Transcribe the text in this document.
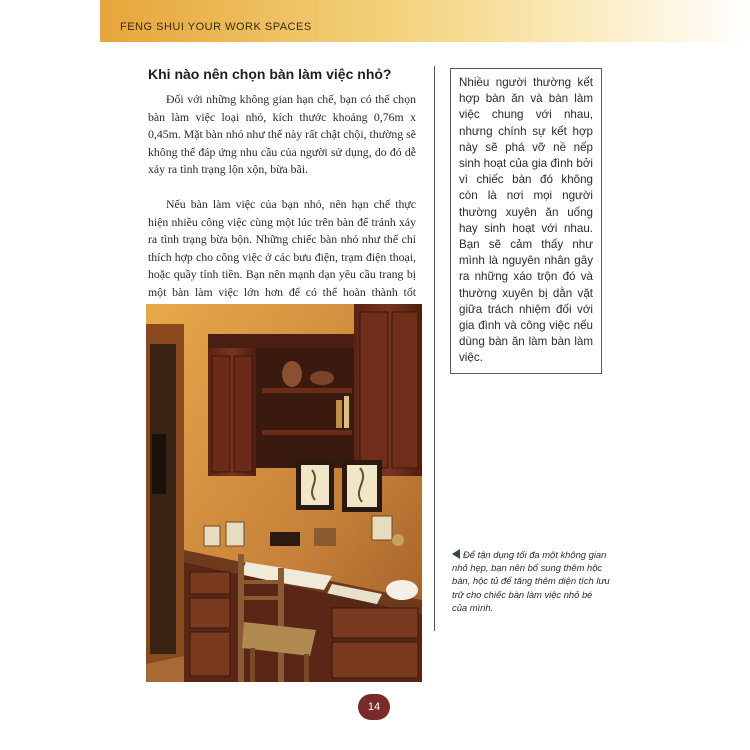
FENG SHUI YOUR WORK SPACES
Khi nào nên chọn bàn làm việc nhỏ?

Đối với những không gian hạn chế, bạn có thể chọn bàn làm việc loại nhỏ, kích thước khoảng 0,76m x 0,45m. Mặt bàn nhỏ như thế này rất chật chội, thường sẽ không thể đáp ứng nhu cầu của người sử dụng, do đó dễ xảy ra tình trạng lộn xộn, bừa bãi.

Nếu bàn làm việc của bạn nhỏ, nên hạn chế thực hiện nhiều công việc cùng một lúc trên bàn để tránh xảy ra tình trạng bừa bộn. Những chiếc bàn nhỏ như thế chỉ thích hợp cho công việc ở các bưu điện, trạm điện thoại, hoặc quầy tính tiền. Bạn nên mạnh dạn yêu cầu trang bị một bàn làm việc lớn hơn để có thể hoàn thành tốt

Nhiều người thường kết hợp bàn ăn và bàn làm việc chung với nhau, nhưng chính sự kết hợp này sẽ phá vỡ nề nếp sinh hoạt của gia đình bởi vì chiếc bàn đó không còn là nơi mọi người thường xuyên ăn uống hay sinh hoạt với nhau. Bạn sẽ cảm thấy như mình là nguyên nhân gây ra những xáo trộn đó và thường xuyên bị dằn vặt giữa trách nhiệm đối với gia đình và công việc nếu dùng bàn ăn làm bàn làm việc.
Để tận dụng tối đa một không gian nhỏ hẹp, bạn nên bổ sung thêm hộc bàn, hộc tủ để tăng thêm diện tích lưu trữ cho chiếc bàn làm việc nhỏ bé của mình.
14
